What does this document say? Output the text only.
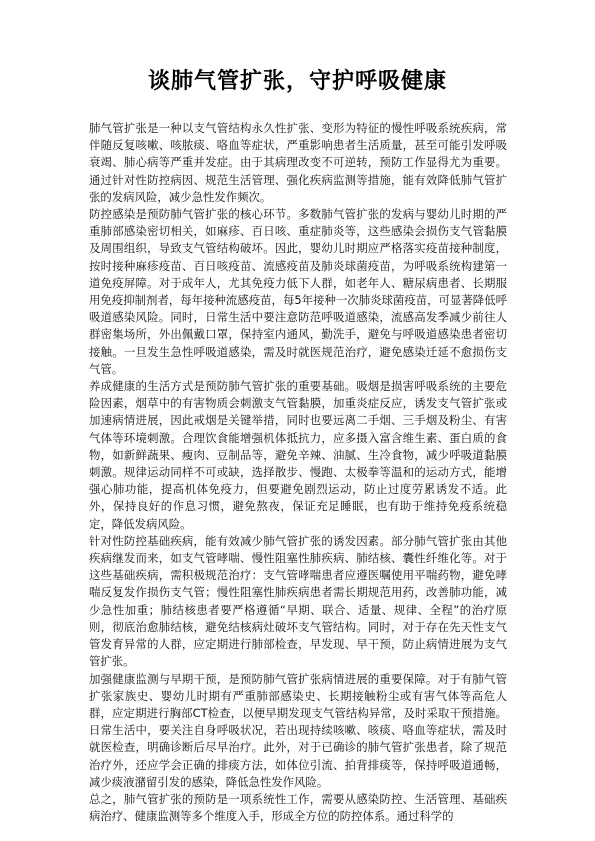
谈肺气管扩张，守护呼吸健康

肺气管扩张是一种以支气管结构永久性扩张、变形为特征的慢性呼吸系统疾病，常伴随反复咳嗽、咳脓痰、咯血等症状，严重影响患者生活质量，甚至可能引发呼吸衰竭、肺心病等严重并发症。由于其病理改变不可逆转，预防工作显得尤为重要。通过针对性防控病因、规范生活管理、强化疾病监测等措施，能有效降低肺气管扩张的发病风险，减少急性发作频次。

防控感染是预防肺气管扩张的核心环节。多数肺气管扩张的发病与婴幼儿时期的严重肺部感染密切相关，如麻疹、百日咳、重症肺炎等，这些感染会损伤支气管黏膜及周围组织，导致支气管结构破坏。因此，婴幼儿时期应严格落实疫苗接种制度，按时接种麻疹疫苗、百日咳疫苗、流感疫苗及肺炎球菌疫苗，为呼吸系统构建第一道免疫屏障。对于成年人，尤其免疫力低下人群，如老年人、糖尿病患者、长期服用免疫抑制剂者，每年接种流感疫苗，每5年接种一次肺炎球菌疫苗，可显著降低呼吸道感染风险。同时，日常生活中要注意防范呼吸道感染，流感高发季减少前往人群密集场所，外出佩戴口罩，保持室内通风，勤洗手，避免与呼吸道感染患者密切接触。一旦发生急性呼吸道感染，需及时就医规范治疗，避免感染迁延不愈损伤支气管。

养成健康的生活方式是预防肺气管扩张的重要基础。吸烟是损害呼吸系统的主要危险因素，烟草中的有害物质会刺激支气管黏膜，加重炎症反应，诱发支气管扩张或加速病情进展，因此戒烟是关键举措，同时也要远离二手烟、三手烟及粉尘、有害气体等环境刺激。合理饮食能增强机体抵抗力，应多摄入富含维生素、蛋白质的食物，如新鲜蔬果、瘦肉、豆制品等，避免辛辣、油腻、生冷食物，减少呼吸道黏膜刺激。规律运动同样不可或缺，选择散步、慢跑、太极拳等温和的运动方式，能增强心肺功能，提高机体免疫力，但要避免剧烈运动，防止过度劳累诱发不适。此外，保持良好的作息习惯，避免熬夜，保证充足睡眠，也有助于维持免疫系统稳定，降低发病风险。

针对性防控基础疾病，能有效减少肺气管扩张的诱发因素。部分肺气管扩张由其他疾病继发而来，如支气管哮喘、慢性阻塞性肺疾病、肺结核、囊性纤维化等。对于这些基础疾病，需积极规范治疗：支气管哮喘患者应遵医嘱使用平喘药物，避免哮喘反复发作损伤支气管；慢性阻塞性肺疾病患者需长期规范用药，改善肺功能，减少急性加重；肺结核患者要严格遵循“早期、联合、适量、规律、全程”的治疗原则，彻底治愈肺结核，避免结核病灶破坏支气管结构。同时，对于存在先天性支气管发育异常的人群，应定期进行肺部检查，早发现、早干预，防止病情进展为支气管扩张。

加强健康监测与早期干预，是预防肺气管扩张病情进展的重要保障。对于有肺气管扩张家族史、婴幼儿时期有严重肺部感染史、长期接触粉尘或有害气体等高危人群，应定期进行胸部CT检查，以便早期发现支气管结构异常，及时采取干预措施。日常生活中，要关注自身呼吸状况，若出现持续咳嗽、咳痰、咯血等症状，需及时就医检查，明确诊断后尽早治疗。此外，对于已确诊的肺气管扩张患者，除了规范治疗外，还应学会正确的排痰方法，如体位引流、拍背排痰等，保持呼吸道通畅，减少痰液潴留引发的感染，降低急性发作风险。

总之，肺气管扩张的预防是一项系统性工作，需要从感染防控、生活管理、基础疾病治疗、健康监测等多个维度入手，形成全方位的防控体系。通过科学的
